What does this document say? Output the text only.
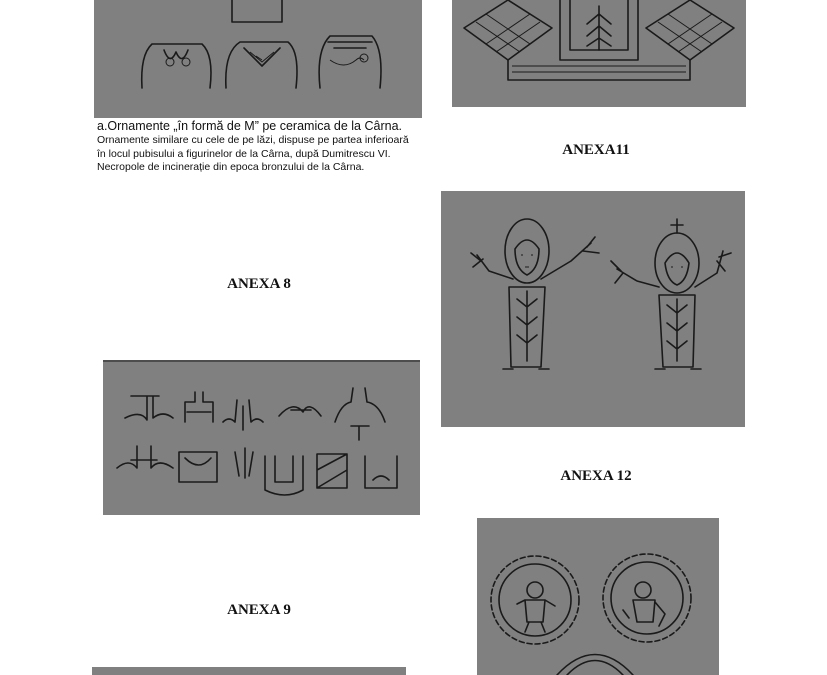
a.Ornamente „în formă de M” pe ceramica de la Cârna.
Ornamente similare cu cele de pe lăzi, dispuse pe partea inferioară în locul pubisului a figurinelor de la Cârna, după Dumitrescu VI. Necropole de incinerație din epoca bronzului de la Cârna.
ANEXA 8
ANEXA 9
ANEXA11
ANEXA 12
